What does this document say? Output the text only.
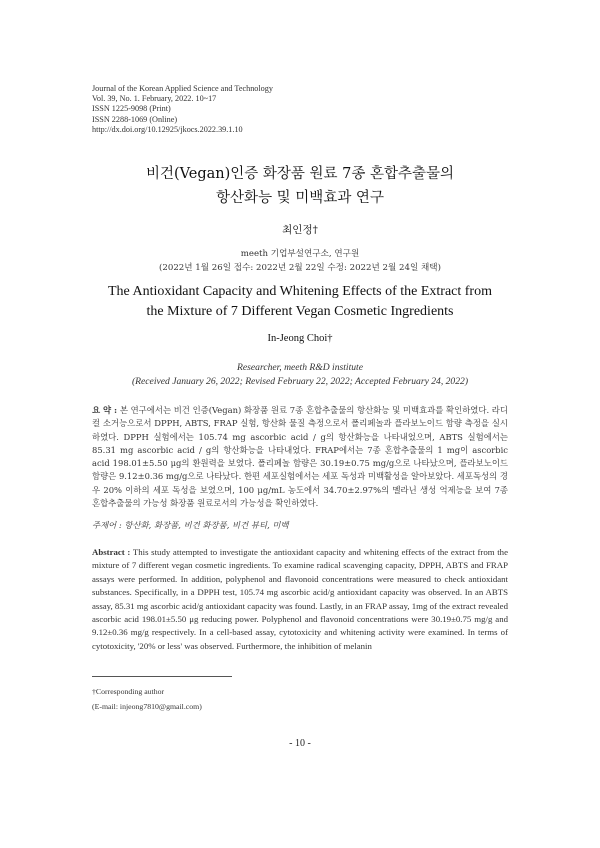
Journal of the Korean Applied Science and Technology
Vol. 39, No. 1. February, 2022. 10~17
ISSN 1225-9098 (Print)
ISSN 2288-1069 (Online)
http://dx.doi.org/10.12925/jkocs.2022.39.1.10
비건(Vegan)인증 화장품 원료 7종 혼합추출물의
항산화능 및 미백효과 연구
최인정†
meeth 기업부설연구소, 연구원
(2022년 1월 26일 접수: 2022년 2월 22일 수정: 2022년 2월 24일 채택)
The Antioxidant Capacity and Whitening Effects of the Extract from
the Mixture of 7 Different Vegan Cosmetic Ingredients
In-Jeong Choi†
Researcher, meeth R&D institute
(Received January 26, 2022; Revised February 22, 2022; Accepted February 24, 2022)
요 약 : 본 연구에서는 비건 인증(Vegan) 화장품 원료 7종 혼합추출물의 항산화능 및 미백효과를 확인하였다. 라디컬 소거능으로서 DPPH, ABTS, FRAP 실험, 항산화 물질 측정으로서 폴리페놀과 플라보노이드 함량 측정을 실시하였다. DPPH 실험에서는 105.74 mg ascorbic acid / g의 항산화능을 나타내었으며, ABTS 실험에서는 85.31 mg ascorbic acid / g의 항산화능을 나타내었다. FRAP에서는 7종 혼합추출물의 1 mg이 ascorbic acid 198.01±5.50 μg의 환원력을 보였다. 폴리페놀 함량은 30.19±0.75 mg/g으로 나타났으며, 플라보노이드 함량은 9.12±0.36 mg/g으로 나타났다. 한편 세포실험에서는 세포 독성과 미백활성을 알아보았다. 세포독성의 경우 20% 이하의 세포 독성을 보였으며, 100 μg/mL 농도에서 34.70±2.97%의 멜라닌 생성 억제능을 보여 7종 혼합추출물의 가능성 화장품 원료로서의 가능성을 확인하였다.
주제어 : 항산화, 화장품, 비건 화장품, 비건 뷰티, 미백
Abstract : This study attempted to investigate the antioxidant capacity and whitening effects of the extract from the mixture of 7 different vegan cosmetic ingredients. To examine radical scavenging capacity, DPPH, ABTS and FRAP assays were performed. In addition, polyphenol and flavonoid concentrations were measured to check antioxidant substances. Specifically, in a DPPH test, 105.74 mg ascorbic acid/g antioxidant capacity was observed. In an ABTS assay, 85.31 mg ascorbic acid/g antioxidant capacity was found. Lastly, in an FRAP assay, 1mg of the extract revealed ascorbic acid 198.01±5.50 μg reducing power. Polyphenol and flavonoid concentrations were 30.19±0.75 mg/g and 9.12±0.36 mg/g respectively. In a cell-based assay, cytotoxicity and whitening activity were examined. In terms of cytotoxicity, '20% or less' was observed. Furthermore, the inhibition of melanin
†Corresponding author
(E-mail: injeong7810@gmail.com)
- 10 -
